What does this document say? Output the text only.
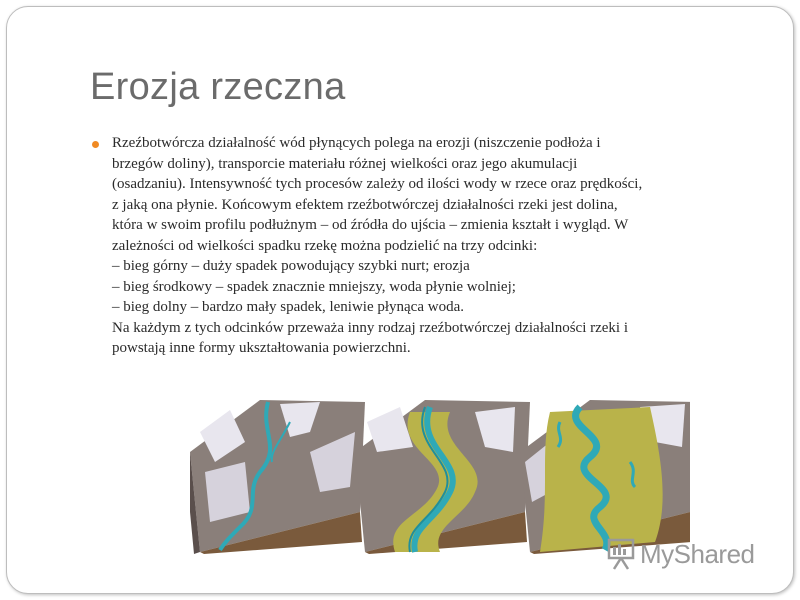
Erozja rzeczna

Rzeźbotwórcza działalność wód płynących polega na erozji (niszczenie podłoża i

brzegów doliny), transporcie materiału różnej wielkości oraz jego akumulacji

(osadzaniu). Intensywność tych procesów zależy od ilości wody w rzece oraz prędkości,

z jaką ona płynie. Końcowym efektem rzeźbotwórczej działalności rzeki jest dolina,

która w swoim profilu podłużnym – od źródła do ujścia – zmienia kształt i wygląd. W

zależności od wielkości spadku rzekę można podzielić na trzy odcinki:

– bieg górny – duży spadek powodujący szybki nurt; erozja

– bieg środkowy – spadek znacznie mniejszy, woda płynie wolniej;

– bieg dolny – bardzo mały spadek, leniwie płynąca woda.

Na każdym z tych odcinków przeważa inny rodzaj rzeźbotwórczej działalności rzeki i

powstają inne formy ukształtowania powierzchni.

MyShared
